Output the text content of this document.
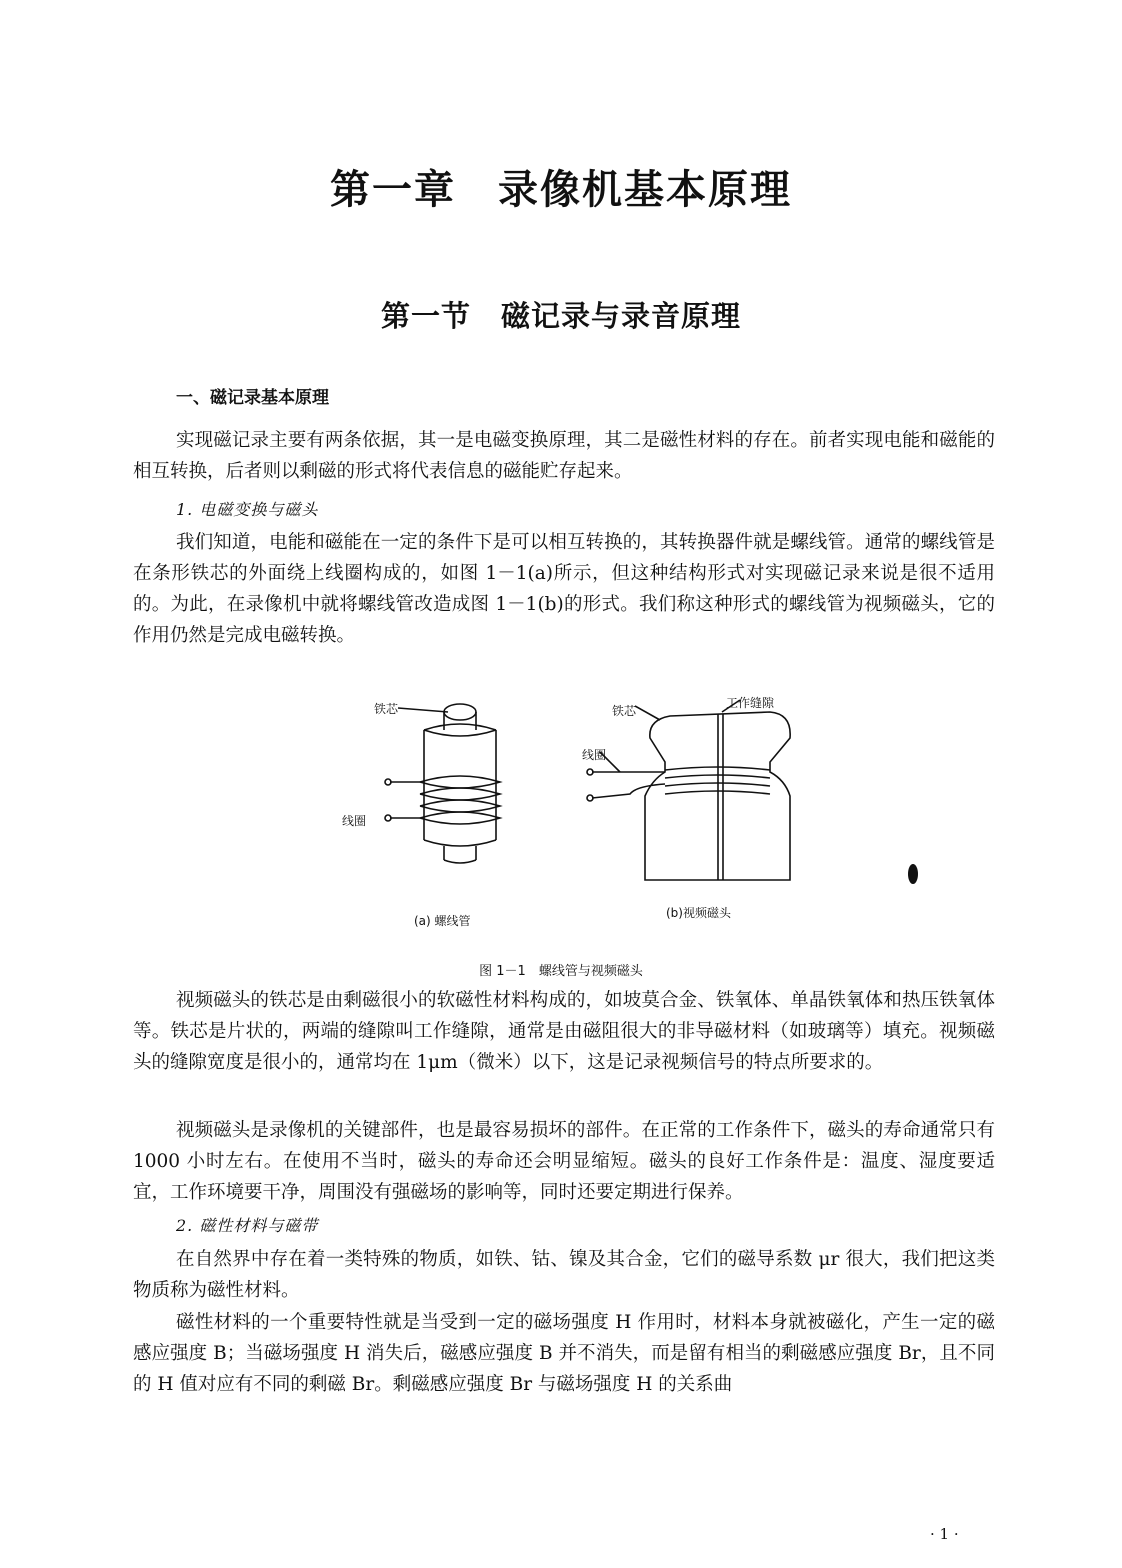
第一章　录像机基本原理
第一节　磁记录与录音原理
一、磁记录基本原理

实现磁记录主要有两条依据，其一是电磁变换原理，其二是磁性材料的存在。前者实现电能和磁能的相互转换，后者则以剩磁的形式将代表信息的磁能贮存起来。

1. 电磁变换与磁头

我们知道，电能和磁能在一定的条件下是可以相互转换的，其转换器件就是螺线管。通常的螺线管是在条形铁芯的外面绕上线圈构成的，如图 1－1(a)所示，但这种结构形式对实现磁记录来说是很不适用的。为此，在录像机中就将螺线管改造成图 1－1(b)的形式。我们称这种形式的螺线管为视频磁头，它的作用仍然是完成电磁转换。

铁芯
线圈
(a) 螺线管
铁芯
工作缝隙
线圈
(b)视频磁头
图 1－1　螺线管与视频磁头

视频磁头的铁芯是由剩磁很小的软磁性材料构成的，如坡莫合金、铁氧体、单晶铁氧体和热压铁氧体等。铁芯是片状的，两端的缝隙叫工作缝隙，通常是由磁阻很大的非导磁材料（如玻璃等）填充。视频磁头的缝隙宽度是很小的，通常均在 1μm（微米）以下，这是记录视频信号的特点所要求的。

视频磁头是录像机的关键部件，也是最容易损坏的部件。在正常的工作条件下，磁头的寿命通常只有 1000 小时左右。在使用不当时，磁头的寿命还会明显缩短。磁头的良好工作条件是：温度、湿度要适宜，工作环境要干净，周围没有强磁场的影响等，同时还要定期进行保养。

2. 磁性材料与磁带

在自然界中存在着一类特殊的物质，如铁、钴、镍及其合金，它们的磁导系数 μr 很大，我们把这类物质称为磁性材料。

磁性材料的一个重要特性就是当受到一定的磁场强度 H 作用时，材料本身就被磁化，产生一定的磁感应强度 B；当磁场强度 H 消失后，磁感应强度 B 并不消失，而是留有相当的剩磁感应强度 Br，且不同的 H 值对应有不同的剩磁 Br。剩磁感应强度 Br 与磁场强度 H 的关系曲

· 1 ·
